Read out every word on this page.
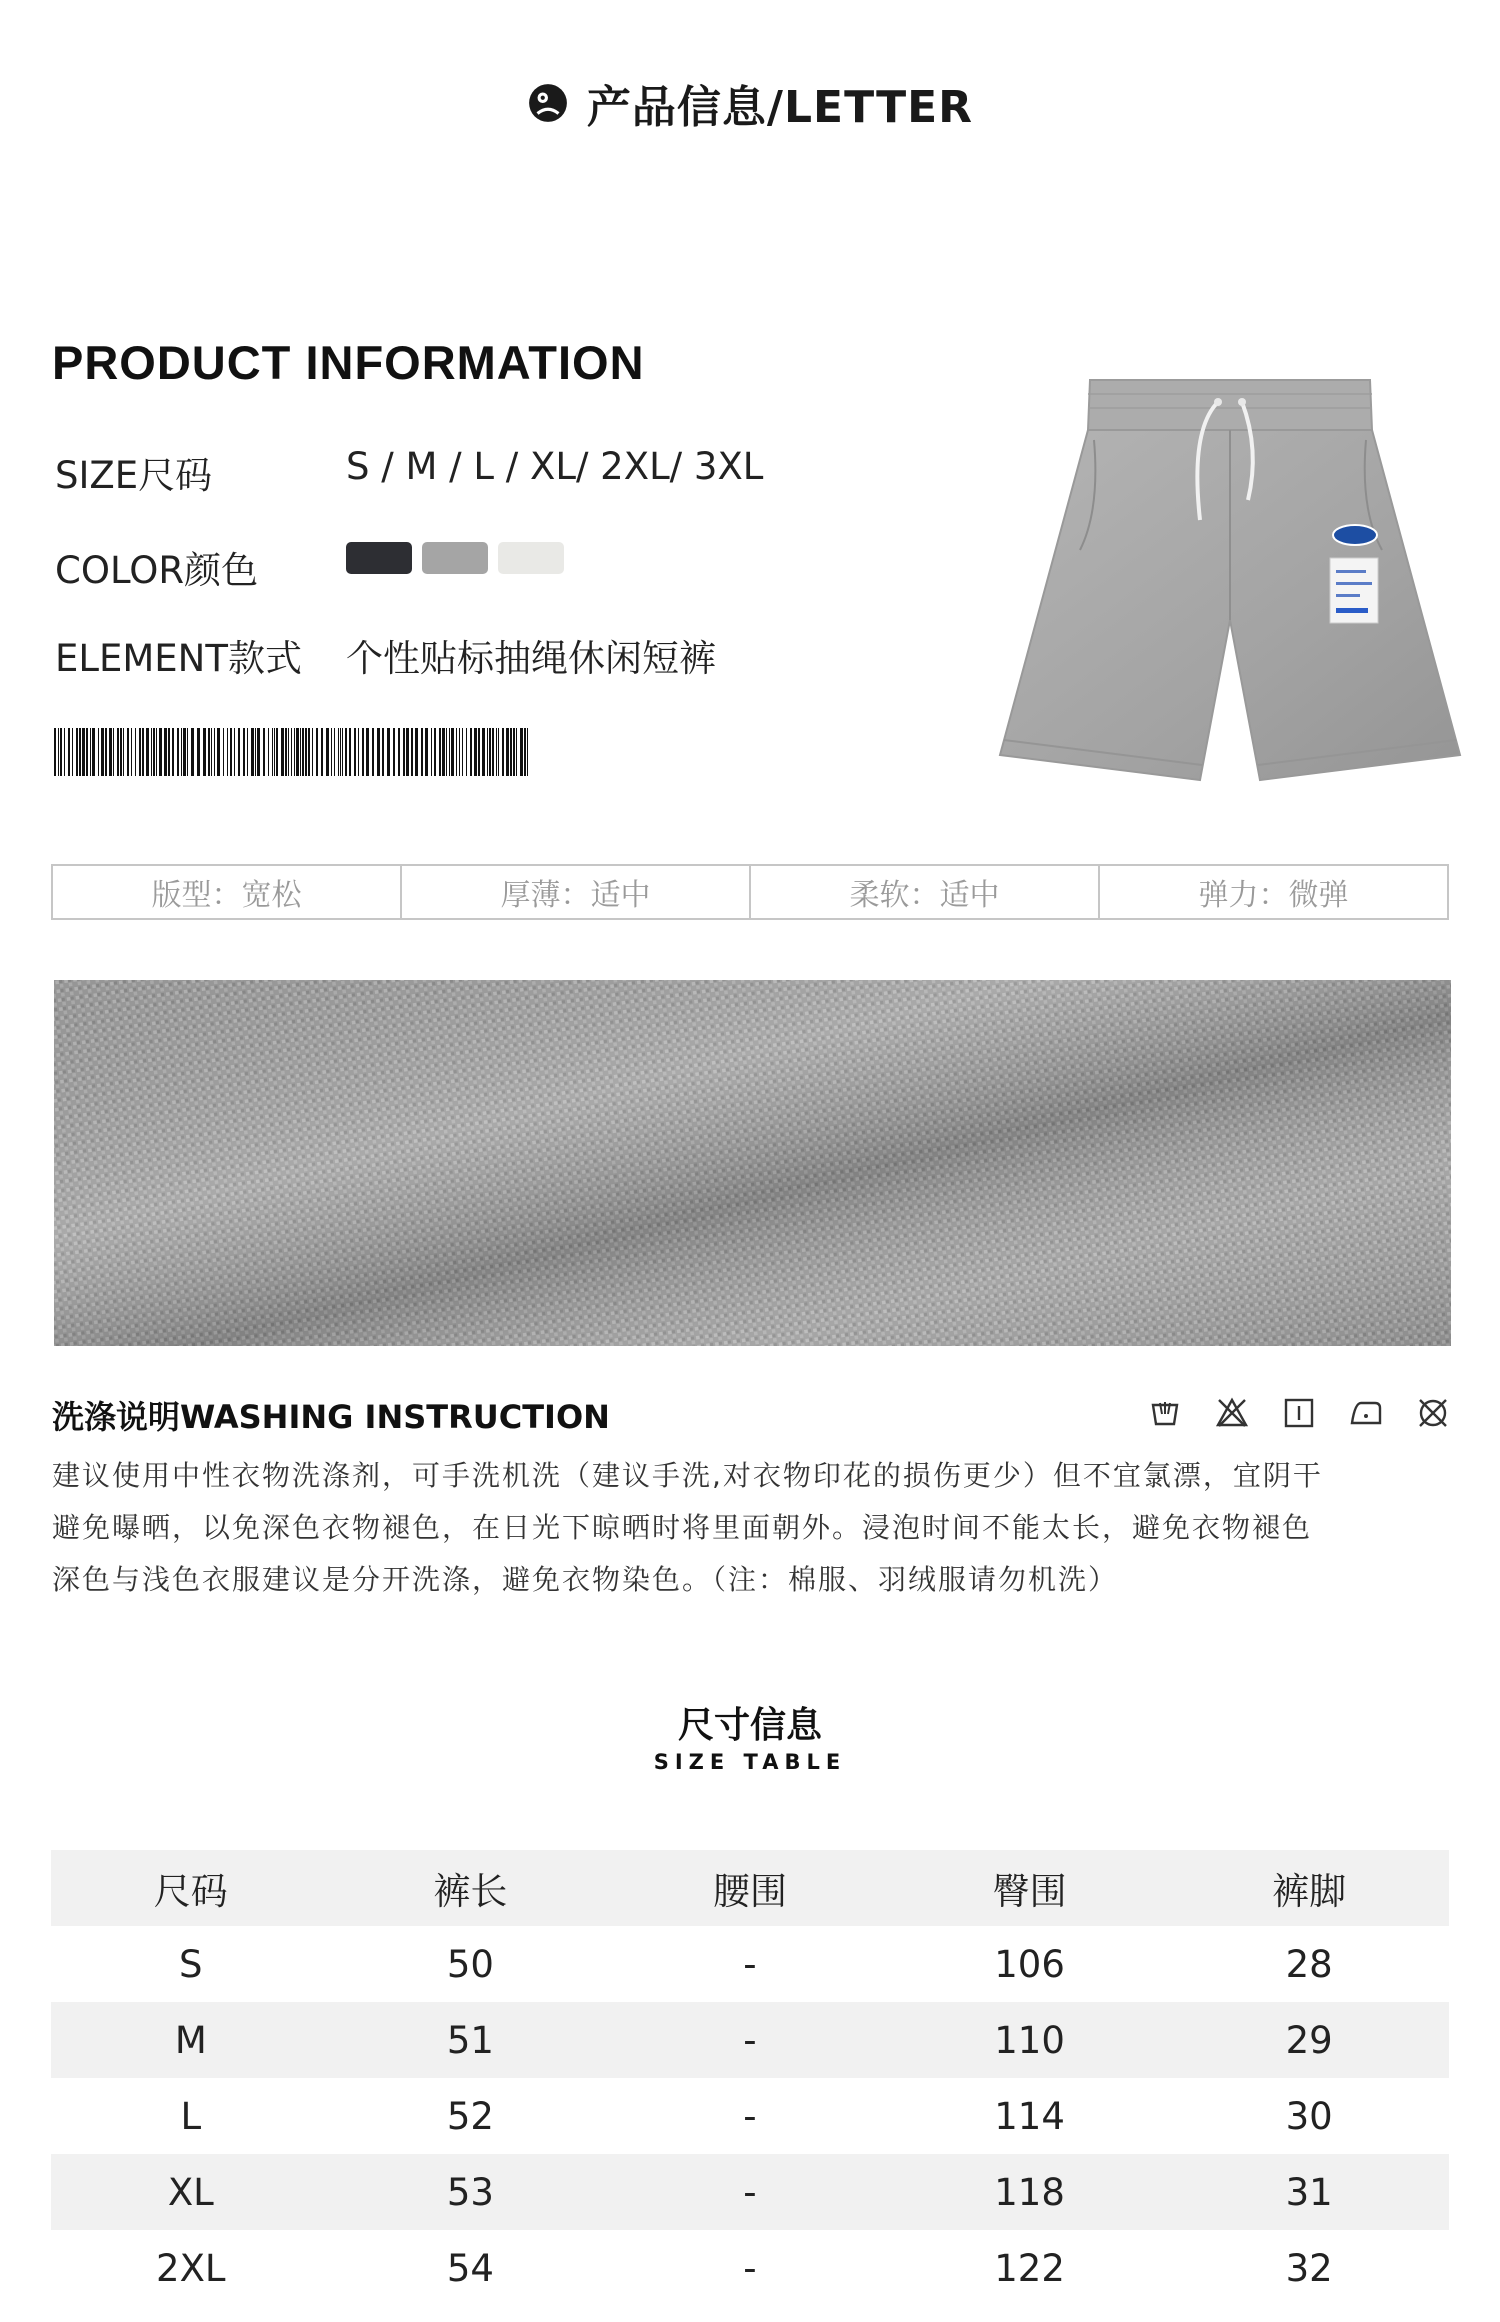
产品信息/LETTER
PRODUCT INFORMATION
SIZE尺码	S / M / L / XL/ 2XL/ 3XL
COLOR颜色
ELEMENT款式 个性贴标抽绳休闲短裤
版型：宽松	厚薄：适中	柔软：适中	弹力：微弹
洗涤说明WASHING INSTRUCTION
建议使用中性衣物洗涤剂，可手洗机洗（建议手洗,对衣物印花的损伤更少）但不宜氯漂，宜阴干
避免曝晒，以免深色衣物褪色，在日光下晾晒时将里面朝外。浸泡时间不能太长，避免衣物褪色
深色与浅色衣服建议是分开洗涤，避免衣物染色。（注：棉服、羽绒服请勿机洗）
尺寸信息
SIZE TABLE
尺码	裤长	腰围	臀围	裤脚
S	50	-	106	28
M	51	-	110	29
L	52	-	114	30
XL	53	-	118	31
2XL	54	-	122	32
